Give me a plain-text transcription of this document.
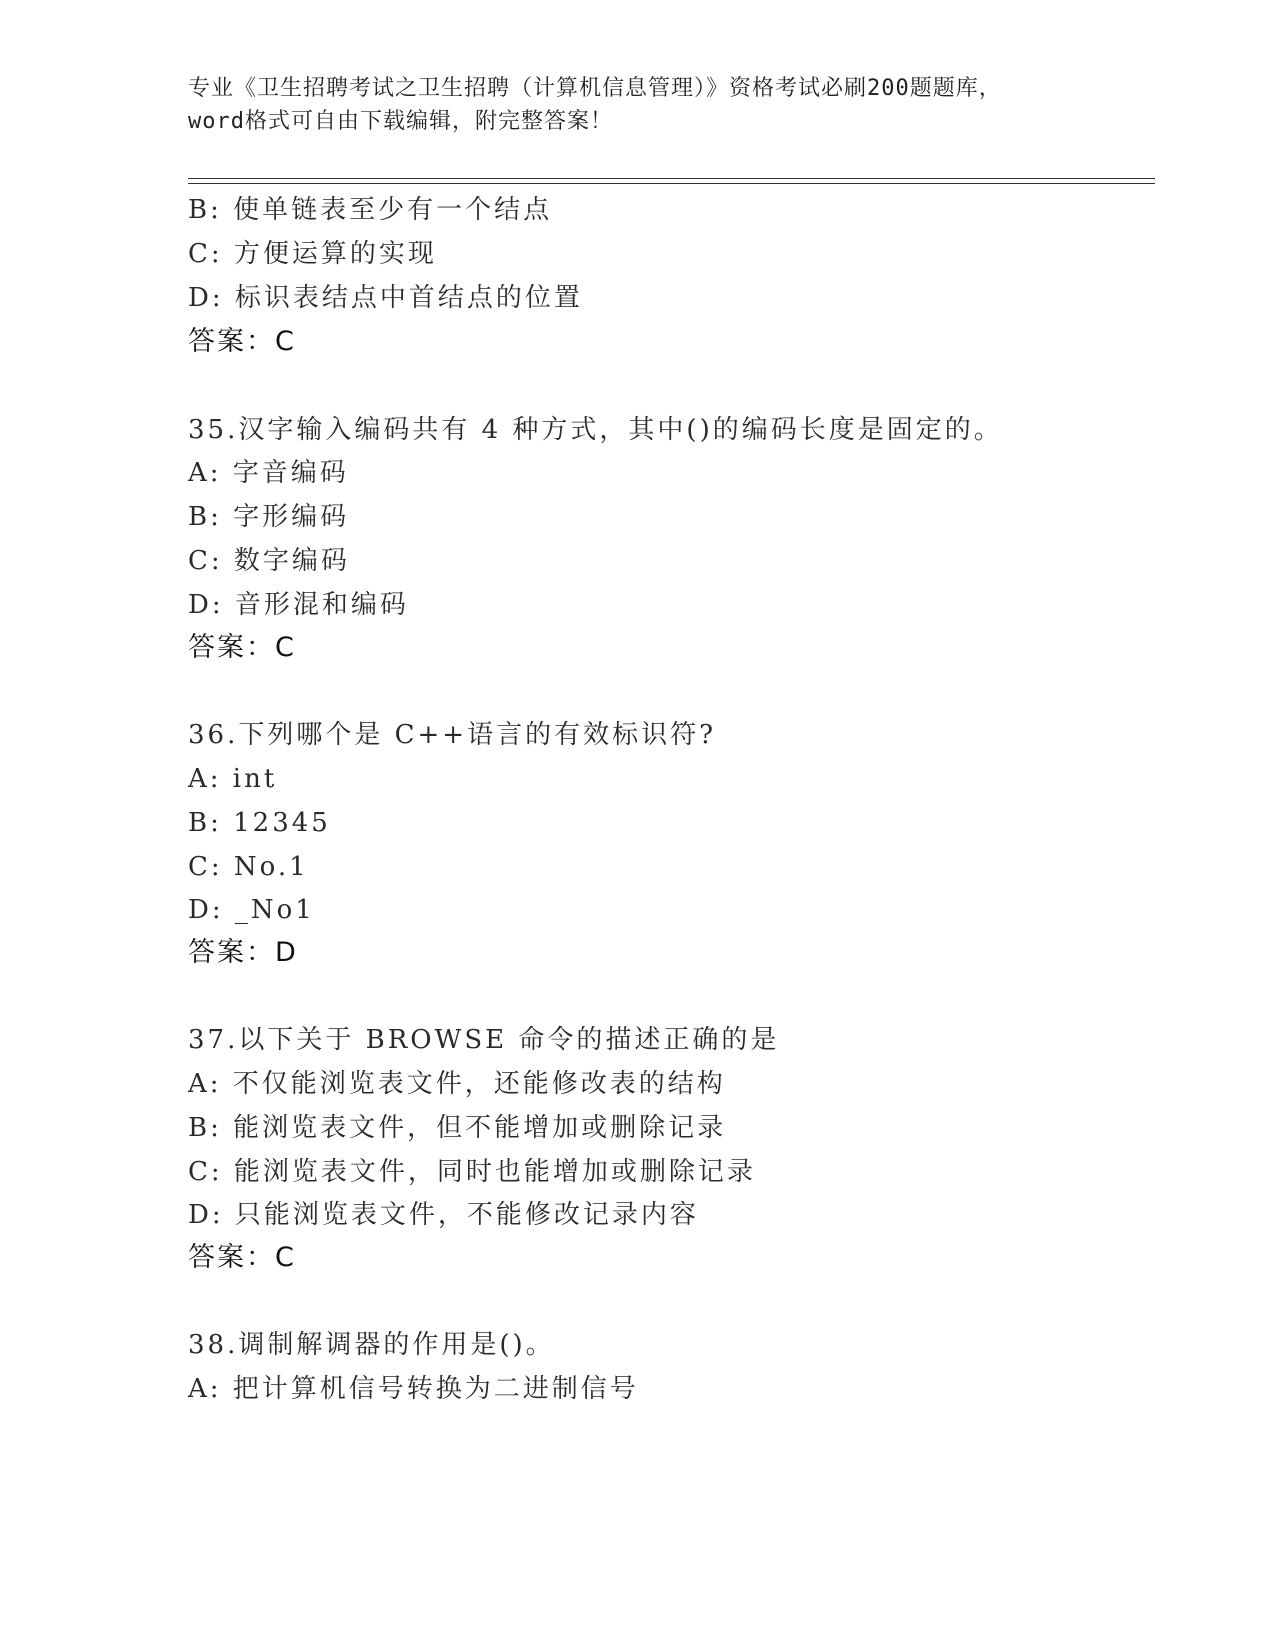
专业《卫生招聘考试之卫生招聘（计算机信息管理）》资格考试必刷200题题库，
word格式可自由下载编辑，附完整答案！
B: 使单链表至少有一个结点
C: 方便运算的实现
D: 标识表结点中首结点的位置
答案：C
35.汉字输入编码共有 4 种方式，其中()的编码长度是固定的。
A: 字音编码
B: 字形编码
C: 数字编码
D: 音形混和编码
答案：C
36.下列哪个是 C++语言的有效标识符?
A: int
B: 12345
C: No.1
D: _No1
答案：D
37.以下关于 BROWSE 命令的描述正确的是
A: 不仅能浏览表文件，还能修改表的结构
B: 能浏览表文件，但不能增加或删除记录
C: 能浏览表文件，同时也能增加或删除记录
D: 只能浏览表文件，不能修改记录内容
答案：C
38.调制解调器的作用是()。
A: 把计算机信号转换为二进制信号
